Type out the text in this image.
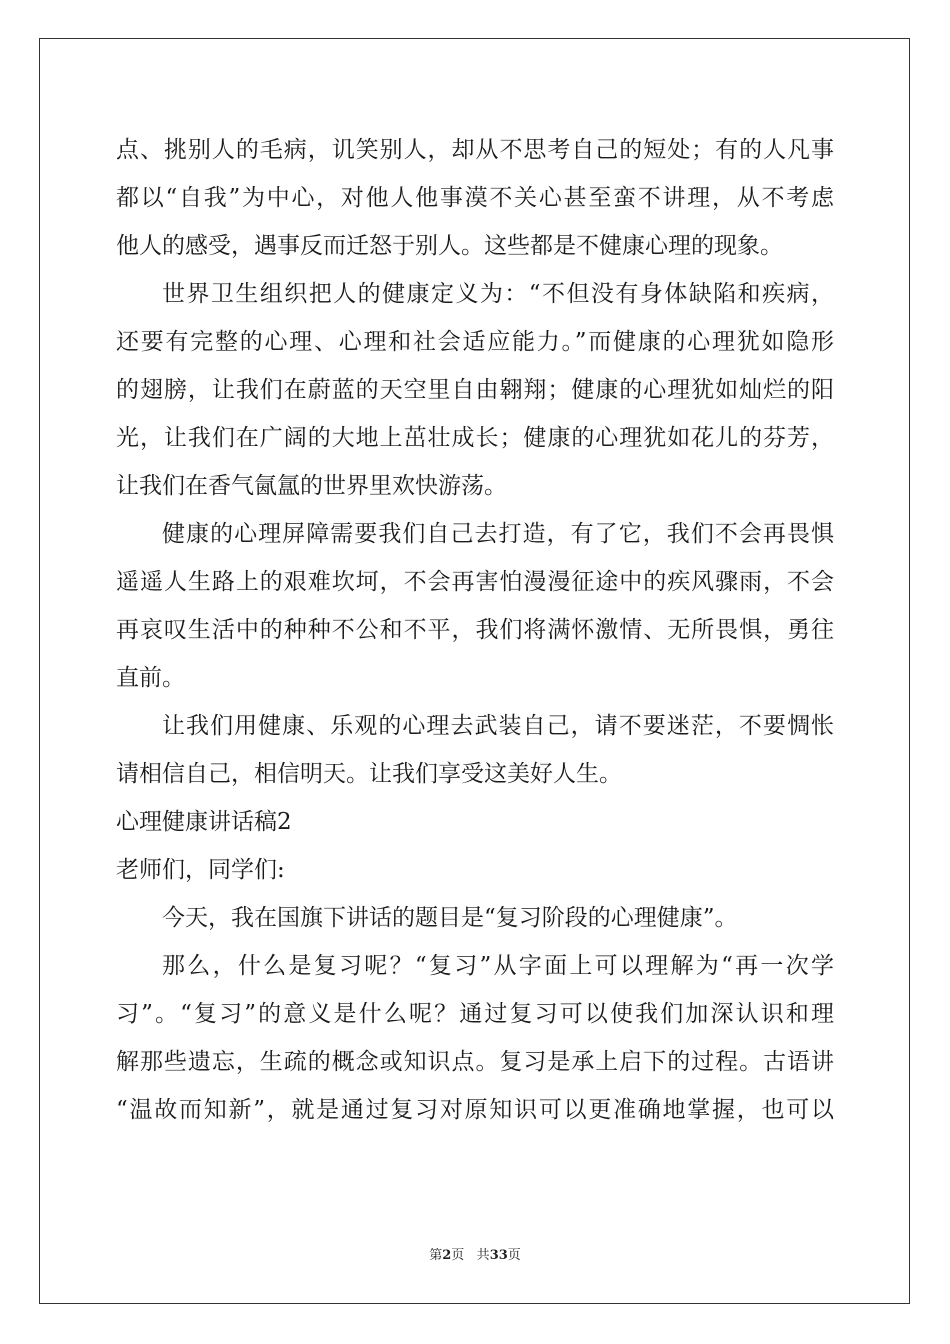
点、挑别人的毛病，讥笑别人，却从不思考自己的短处；有的人凡事
都以“自我”为中心，对他人他事漠不关心甚至蛮不讲理，从不考虑
他人的感受，遇事反而迁怒于别人。这些都是不健康心理的现象。
世界卫生组织把人的健康定义为：“不但没有身体缺陷和疾病，
还要有完整的心理、心理和社会适应能力。”而健康的心理犹如隐形
的翅膀，让我们在蔚蓝的天空里自由翱翔；健康的心理犹如灿烂的阳
光，让我们在广阔的大地上茁壮成长；健康的心理犹如花儿的芬芳，
让我们在香气氤氲的世界里欢快游荡。
健康的心理屏障需要我们自己去打造，有了它，我们不会再畏惧
遥遥人生路上的艰难坎坷，不会再害怕漫漫征途中的疾风骤雨，不会
再哀叹生活中的种种不公和不平，我们将满怀激情、无所畏惧，勇往
直前。
让我们用健康、乐观的心理去武装自己，请不要迷茫，不要惆怅
请相信自己，相信明天。让我们享受这美好人生。
心理健康讲话稿2
老师们，同学们:
今天，我在国旗下讲话的题目是“复习阶段的心理健康”。
那么，什么是复习呢？“复习”从字面上可以理解为“再一次学
习”。“复习”的意义是什么呢？通过复习可以使我们加深认识和理
解那些遗忘，生疏的概念或知识点。复习是承上启下的过程。古语讲
“温故而知新”，就是通过复习对原知识可以更准确地掌握，也可以
第2页 共33页
